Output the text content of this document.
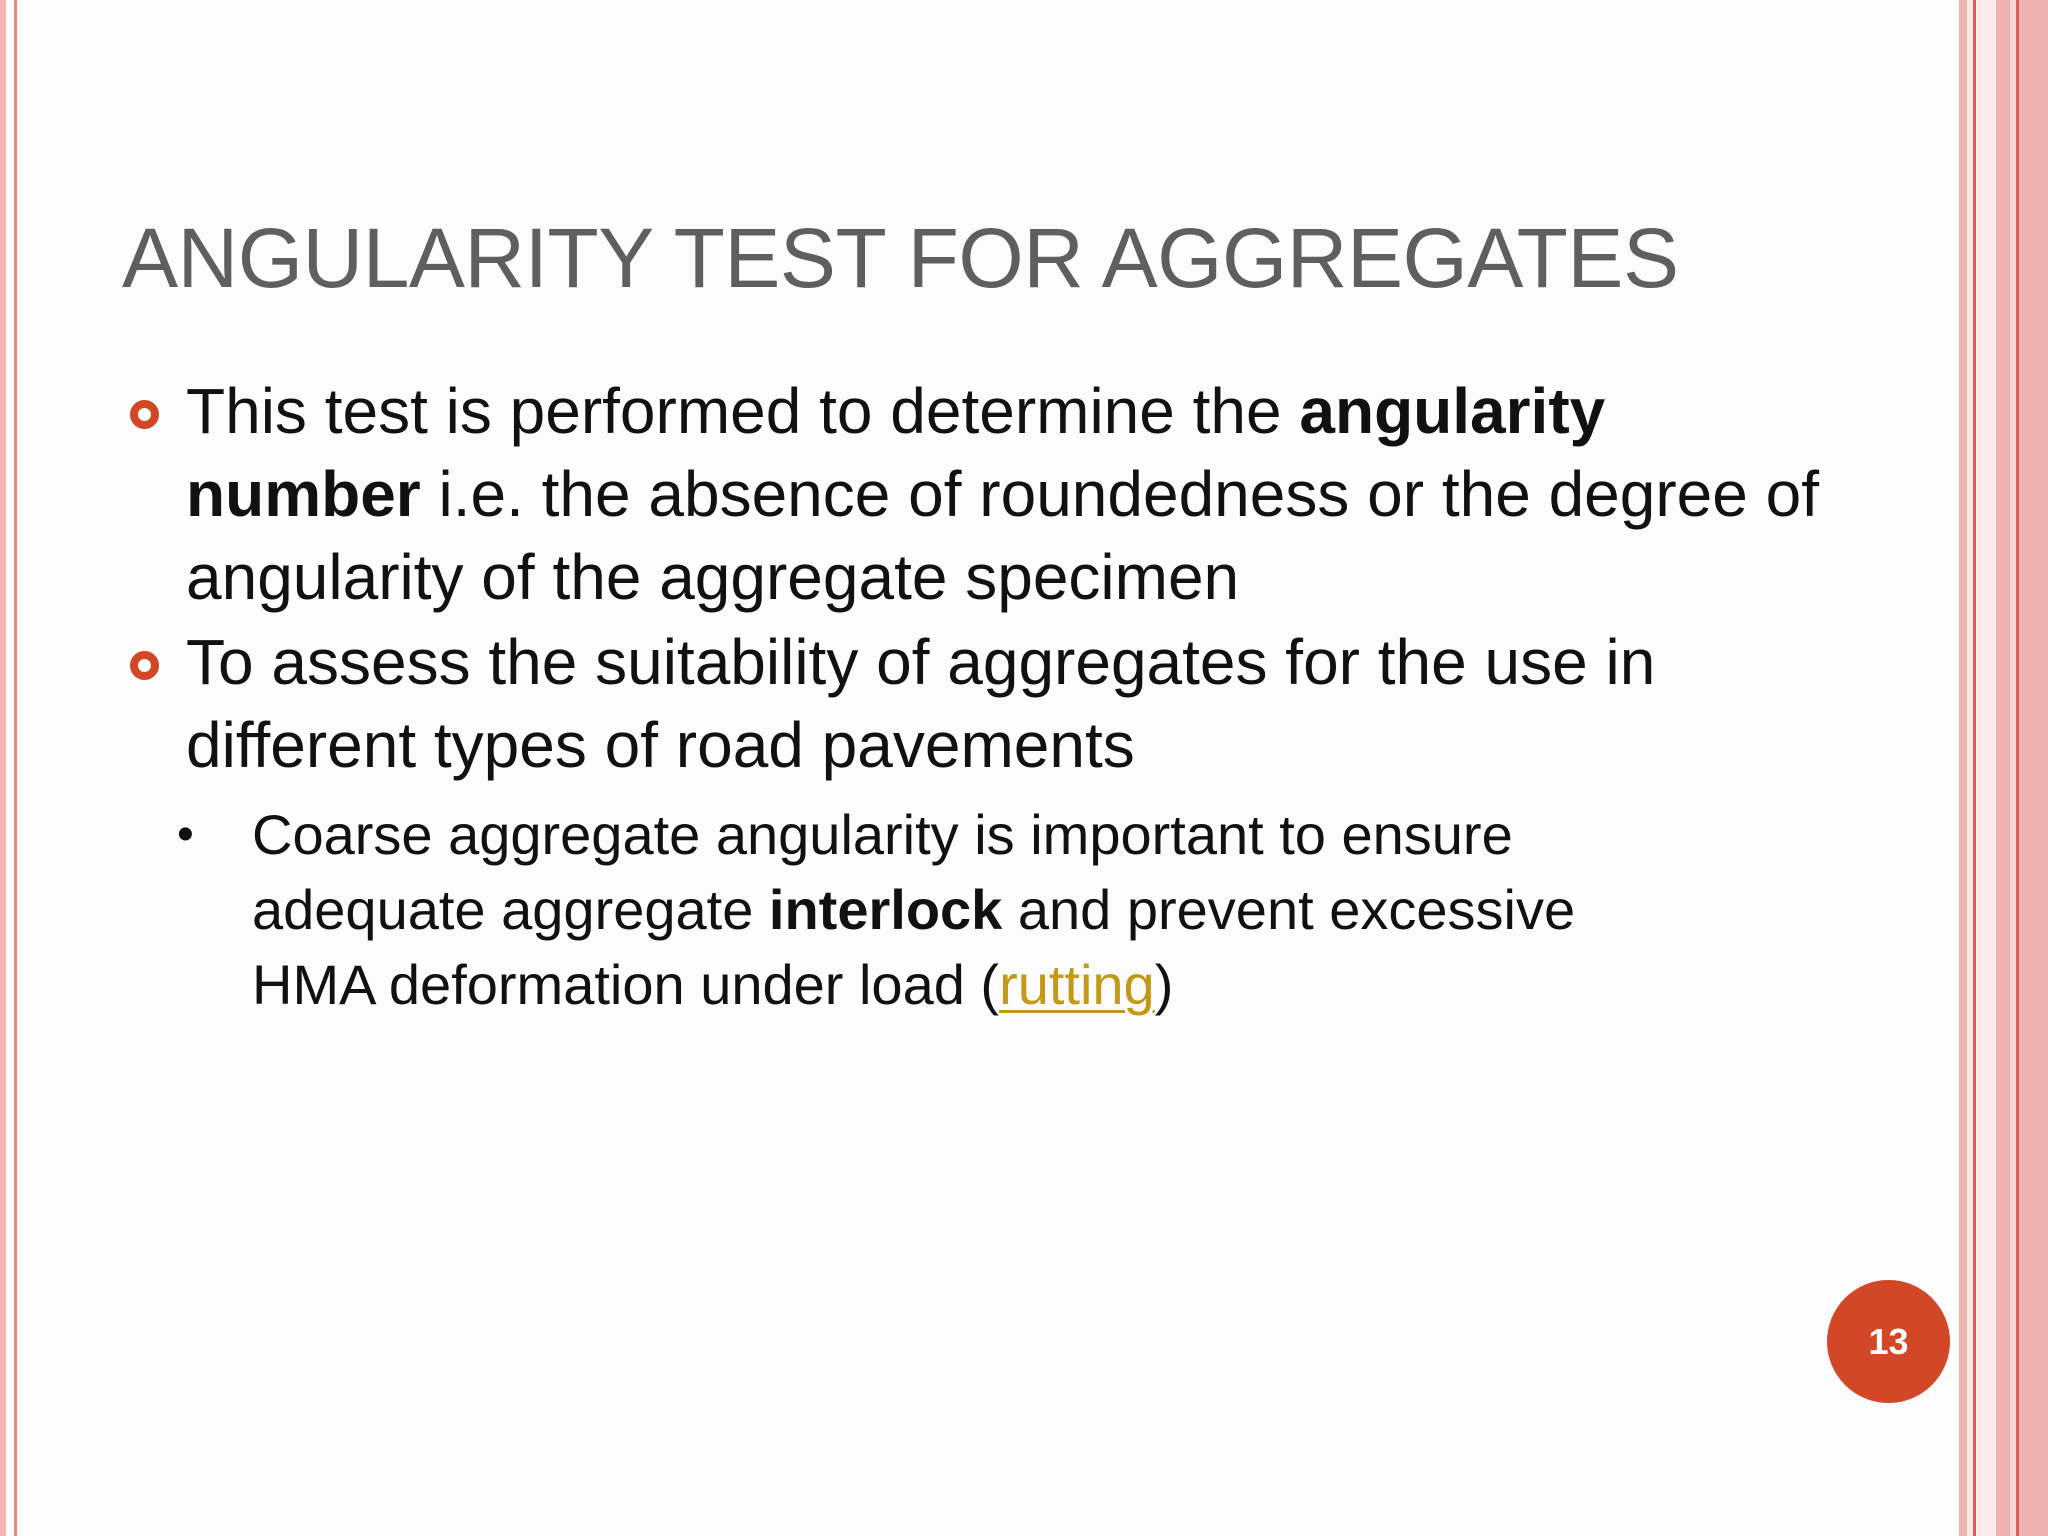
ANGULARITY TEST FOR AGGREGATES
This test is performed to determine the angularity number i.e. the absence of roundedness or the degree of angularity of the aggregate specimen
To assess the suitability of aggregates for the use in different types of road pavements
• Coarse aggregate angularity is important to ensure adequate aggregate interlock and prevent excessive HMA deformation under load (rutting)
13
